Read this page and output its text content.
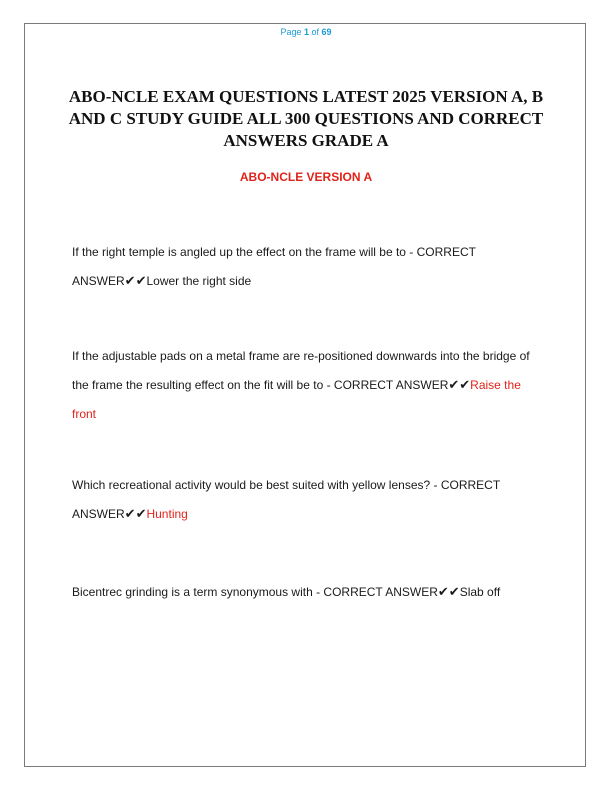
Page 1 of 69
ABO-NCLE EXAM QUESTIONS LATEST 2025 VERSION A, B AND C STUDY GUIDE ALL 300 QUESTIONS AND CORRECT ANSWERS GRADE A
ABO-NCLE VERSION A
If the right temple is angled up the effect on the frame will be to - CORRECT ANSWER✔✔Lower the right side
If the adjustable pads on a metal frame are re-positioned downwards into the bridge of the frame the resulting effect on the fit will be to - CORRECT ANSWER✔✔Raise the front
Which recreational activity would be best suited with yellow lenses? - CORRECT ANSWER✔✔Hunting
Bicentrec grinding is a term synonymous with - CORRECT ANSWER✔✔Slab off
